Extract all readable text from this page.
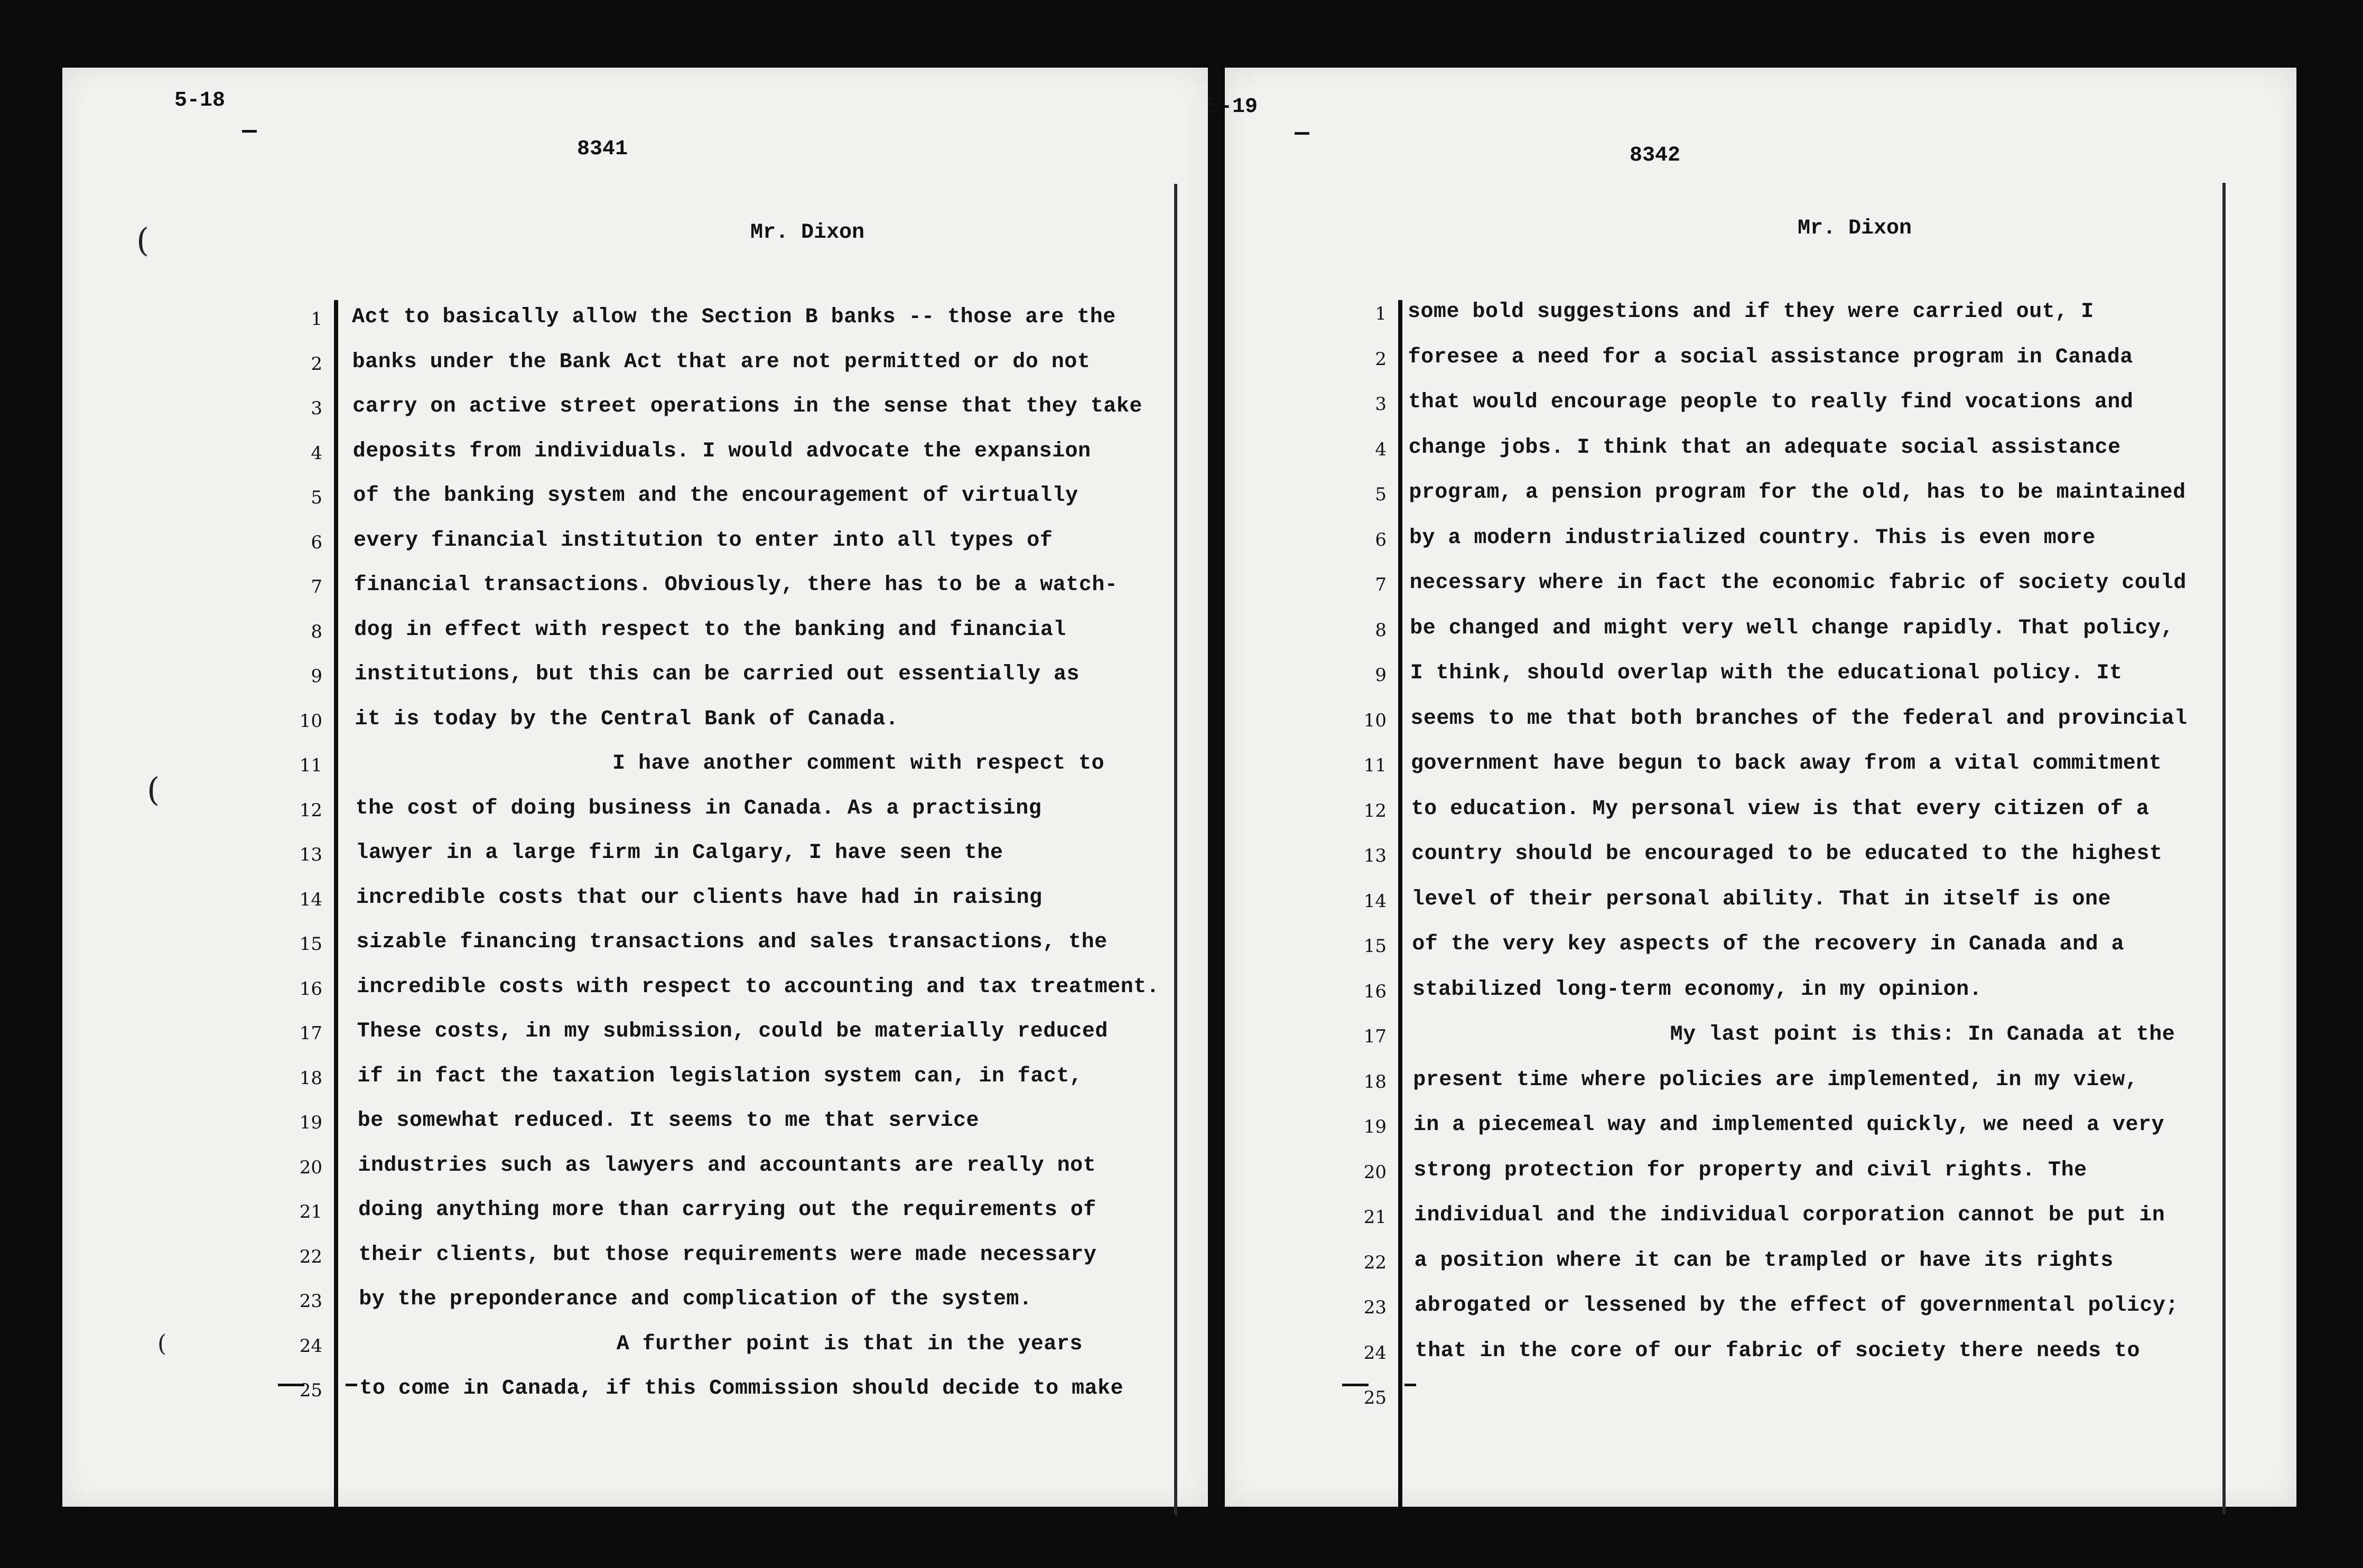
5-18
8341
Mr. Dixon
(
(
(
1 Act to basically allow the Section B banks -- those are the
2 banks under the Bank Act that are not permitted or do not
3 carry on active street operations in the sense that they take
4 deposits from individuals. I would advocate the expansion
5 of the banking system and the encouragement of virtually
6 every financial institution to enter into all types of
7 financial transactions. Obviously, there has to be a watch-
8 dog in effect with respect to the banking and financial
9 institutions, but this can be carried out essentially as
10 it is today by the Central Bank of Canada.
11	I have another comment with respect to
12 the cost of doing business in Canada. As a practising
13 lawyer in a large firm in Calgary, I have seen the
14 incredible costs that our clients have had in raising
15 sizable financing transactions and sales transactions, the
16 incredible costs with respect to accounting and tax treatment.
17 These costs, in my submission, could be materially reduced
18 if in fact the taxation legislation system can, in fact,
19 be somewhat reduced. It seems to me that service
20 industries such as lawyers and accountants are really not
21 doing anything more than carrying out the requirements of
22 their clients, but those requirements were made necessary
23 by the preponderance and complication of the system.
24	A further point is that in the years
25 to come in Canada, if this Commission should decide to make
5-19
8342
Mr. Dixon
1 some bold suggestions and if they were carried out, I
2 foresee a need for a social assistance program in Canada
3 that would encourage people to really find vocations and
4 change jobs. I think that an adequate social assistance
5 program, a pension program for the old, has to be maintained
6 by a modern industrialized country. This is even more
7 necessary where in fact the economic fabric of society could
8 be changed and might very well change rapidly. That policy,
9 I think, should overlap with the educational policy. It
10 seems to me that both branches of the federal and provincial
11 government have begun to back away from a vital commitment
12 to education. My personal view is that every citizen of a
13 country should be encouraged to be educated to the highest
14 level of their personal ability. That in itself is one
15 of the very key aspects of the recovery in Canada and a
16 stabilized long-term economy, in my opinion.
17	My last point is this: In Canada at the
18 present time where policies are implemented, in my view,
19 in a piecemeal way and implemented quickly, we need a very
20 strong protection for property and civil rights. The
21 individual and the individual corporation cannot be put in
22 a position where it can be trampled or have its rights
23 abrogated or lessened by the effect of governmental policy;
24 that in the core of our fabric of society there needs to
25
